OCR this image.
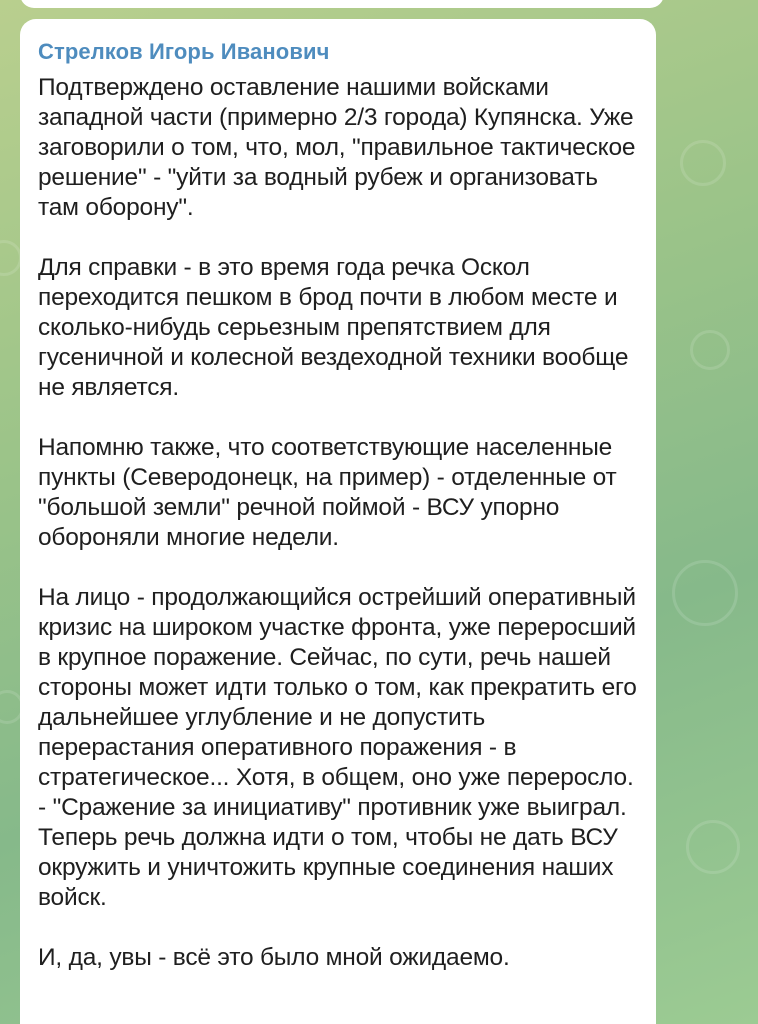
Стрелков Игорь Иванович

Подтверждено оставление нашими войсками западной части (примерно 2/3 города) Купянска. Уже заговорили о том, что, мол, "правильное тактическое решение" - "уйти за водный рубеж и организовать там оборону".

Для справки - в это время года речка Оскол переходится пешком в брод почти в любом месте и сколько-нибудь серьезным препятствием для гусеничной и колесной вездеходной техники вообще не является.

Напомню также, что соответствующие населенные пункты (Северодонецк, на пример) - отделенные от "большой земли" речной поймой - ВСУ упорно обороняли многие недели.

На лицо - продолжающийся острейший оперативный кризис на широком участке фронта, уже переросший в крупное поражение. Сейчас, по сути, речь нашей стороны может идти только о том, как прекратить его дальнейшее углубление и не допустить перерастания оперативного поражения - в стратегическое... Хотя, в общем, оно уже переросло. - "Сражение за инициативу" противник уже выиграл. Теперь речь должна идти о том, чтобы не дать ВСУ окружить и уничтожить крупные соединения наших войск.

И, да, увы - всё это было мной ожидаемо.
